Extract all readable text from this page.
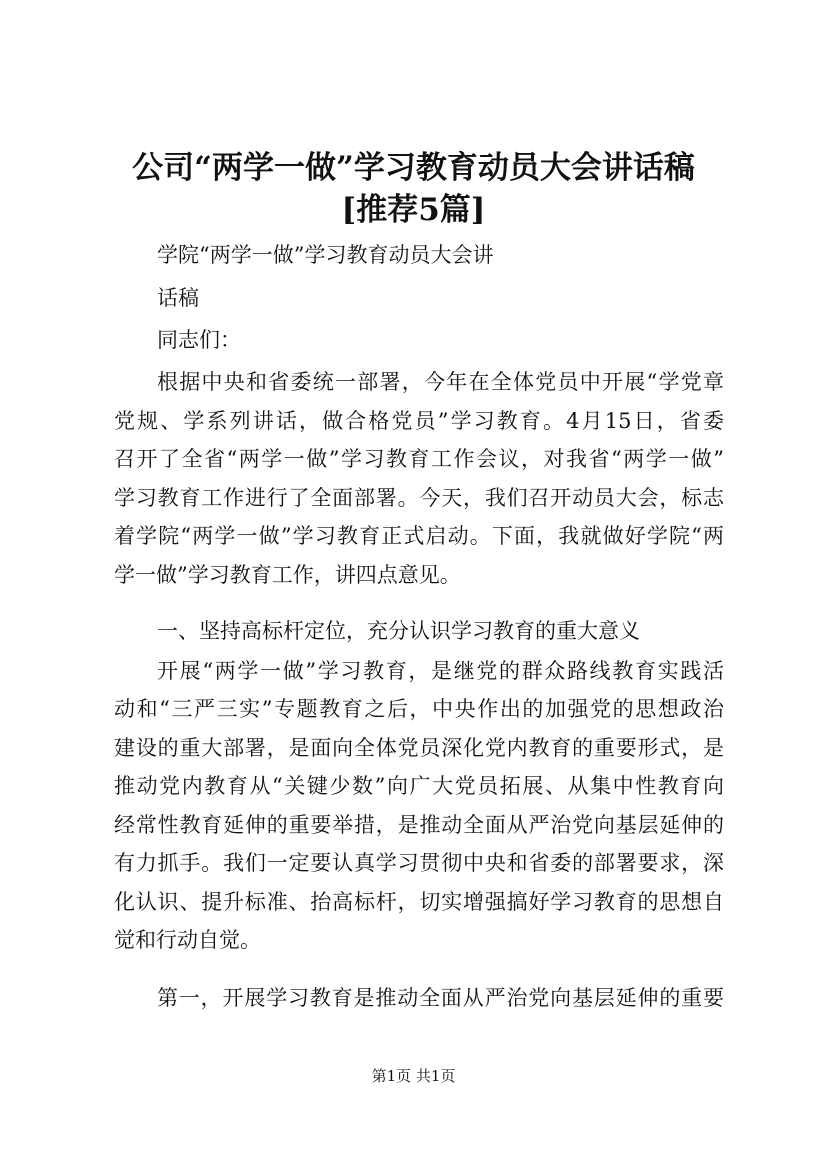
公司“两学一做”学习教育动员大会讲话稿
[推荐5篇]
学院“两学一做”学习教育动员大会讲
话稿
同志们：
根据中央和省委统一部署，今年在全体党员中开展“学党章
党规、学系列讲话，做合格党员”学习教育。4月15日，省委
召开了全省“两学一做”学习教育工作会议，对我省“两学一做”
学习教育工作进行了全面部署。今天，我们召开动员大会，标志
着学院“两学一做”学习教育正式启动。下面，我就做好学院“两
学一做”学习教育工作，讲四点意见。
一、坚持高标杆定位，充分认识学习教育的重大意义
开展“两学一做”学习教育，是继党的群众路线教育实践活
动和“三严三实”专题教育之后，中央作出的加强党的思想政治
建设的重大部署，是面向全体党员深化党内教育的重要形式，是
推动党内教育从“关键少数”向广大党员拓展、从集中性教育向
经常性教育延伸的重要举措，是推动全面从严治党向基层延伸的
有力抓手。我们一定要认真学习贯彻中央和省委的部署要求，深
化认识、提升标准、抬高标杆，切实增强搞好学习教育的思想自
觉和行动自觉。
第一，开展学习教育是推动全面从严治党向基层延伸的重要
第1页 共1页
